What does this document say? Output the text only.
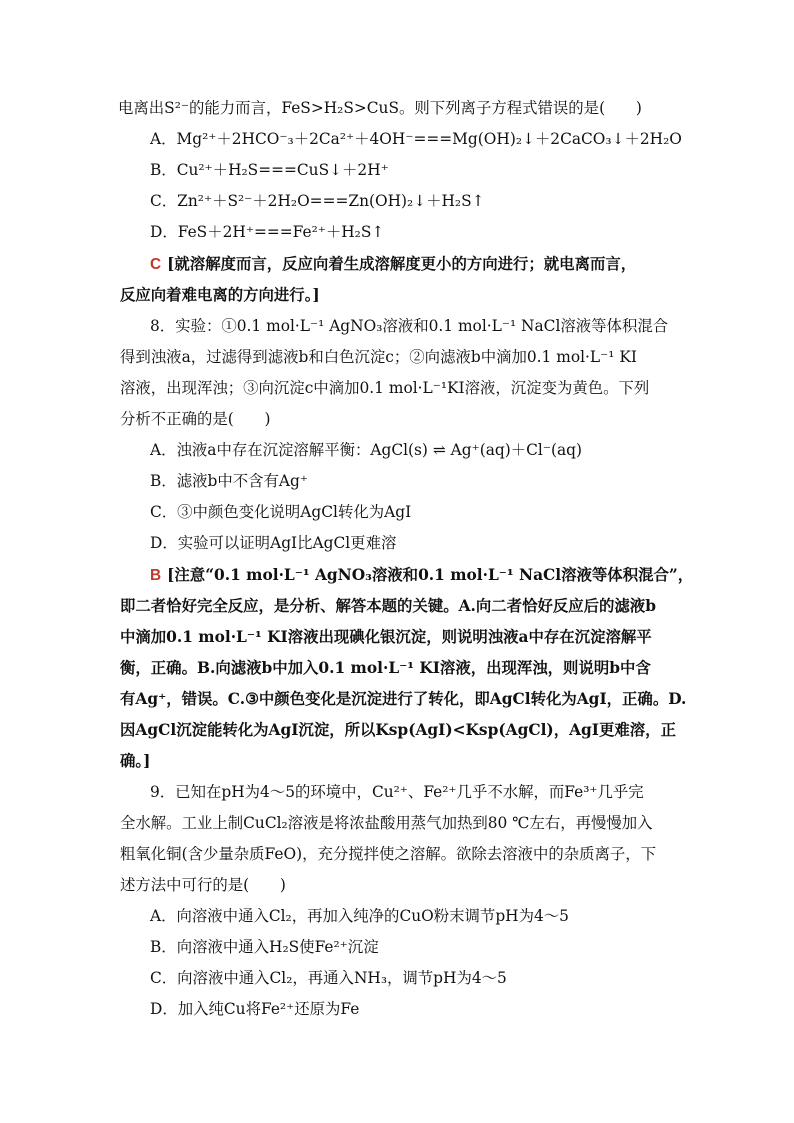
电离出S²⁻的能力而言，FeS>H₂S>CuS。则下列离子方程式错误的是(　　)
A．Mg²⁺＋2HCO⁻₃＋2Ca²⁺＋4OH⁻===Mg(OH)₂↓＋2CaCO₃↓＋2H₂O
B．Cu²⁺＋H₂S===CuS↓＋2H⁺
C．Zn²⁺＋S²⁻＋2H₂O===Zn(OH)₂↓＋H₂S↑
D．FeS＋2H⁺===Fe²⁺＋H₂S↑
C [就溶解度而言，反应向着生成溶解度更小的方向进行；就电离而言，
反应向着难电离的方向进行。]
8．实验：①0.1 mol·L⁻¹ AgNO₃溶液和0.1 mol·L⁻¹ NaCl溶液等体积混合
得到浊液a，过滤得到滤液b和白色沉淀c；②向滤液b中滴加0.1 mol·L⁻¹ KI
溶液，出现浑浊；③向沉淀c中滴加0.1 mol·L⁻¹KI溶液，沉淀变为黄色。下列
分析不正确的是(　　)
A．浊液a中存在沉淀溶解平衡：AgCl(s) ⇌ Ag⁺(aq)＋Cl⁻(aq)
B．滤液b中不含有Ag⁺
C．③中颜色变化说明AgCl转化为AgI
D．实验可以证明AgI比AgCl更难溶
B [注意“0.1 mol·L⁻¹ AgNO₃溶液和0.1 mol·L⁻¹ NaCl溶液等体积混合”，
即二者恰好完全反应，是分析、解答本题的关键。A.向二者恰好反应后的滤液b
中滴加0.1 mol·L⁻¹ KI溶液出现碘化银沉淀，则说明浊液a中存在沉淀溶解平
衡，正确。B.向滤液b中加入0.1 mol·L⁻¹ KI溶液，出现浑浊，则说明b中含
有Ag⁺，错误。C.③中颜色变化是沉淀进行了转化，即AgCl转化为AgI，正确。D.
因AgCl沉淀能转化为AgI沉淀，所以Ksp(AgI)<Ksp(AgCl)，AgI更难溶，正
确。]
9．已知在pH为4～5的环境中，Cu²⁺、Fe²⁺几乎不水解，而Fe³⁺几乎完
全水解。工业上制CuCl₂溶液是将浓盐酸用蒸气加热到80 ℃左右，再慢慢加入
粗氧化铜(含少量杂质FeO)，充分搅拌使之溶解。欲除去溶液中的杂质离子，下
述方法中可行的是(　　)
A．向溶液中通入Cl₂，再加入纯净的CuO粉末调节pH为4～5
B．向溶液中通入H₂S使Fe²⁺沉淀
C．向溶液中通入Cl₂，再通入NH₃，调节pH为4～5
D．加入纯Cu将Fe²⁺还原为Fe
